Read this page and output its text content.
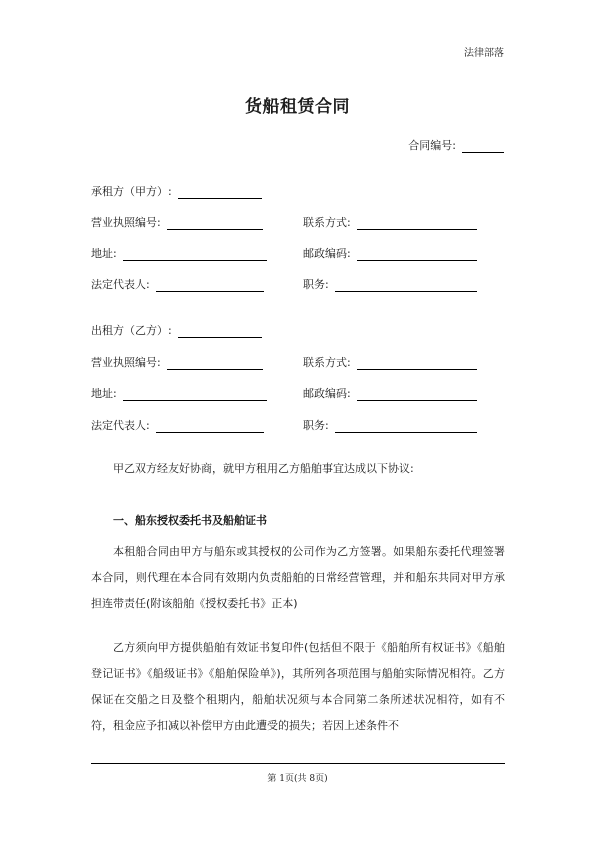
法律部落
货船租赁合同
合同编号:
承租方（甲方）:
营业执照编号:	联系方式:
地址:	邮政编码:
法定代表人:	职务:
出租方（乙方）:
营业执照编号:	联系方式:
地址:	邮政编码:
法定代表人:	职务:
甲乙双方经友好协商，就甲方租用乙方船舶事宜达成以下协议:
一、船东授权委托书及船舶证书
本租船合同由甲方与船东或其授权的公司作为乙方签署。如果船东委托代理签署本合同，则代理在本合同有效期内负责船舶的日常经营管理，并和船东共同对甲方承担连带责任(附该船舶《授权委托书》正本)
乙方须向甲方提供船舶有效证书复印件(包括但不限于《船舶所有权证书》《船舶登记证书》《船级证书》《船舶保险单》)，其所列各项范围与船舶实际情况相符。乙方保证在交船之日及整个租期内，船舶状况须与本合同第二条所述状况相符，如有不符，租金应予扣减以补偿甲方由此遭受的损失；若因上述条件不
第 1页(共 8页)
